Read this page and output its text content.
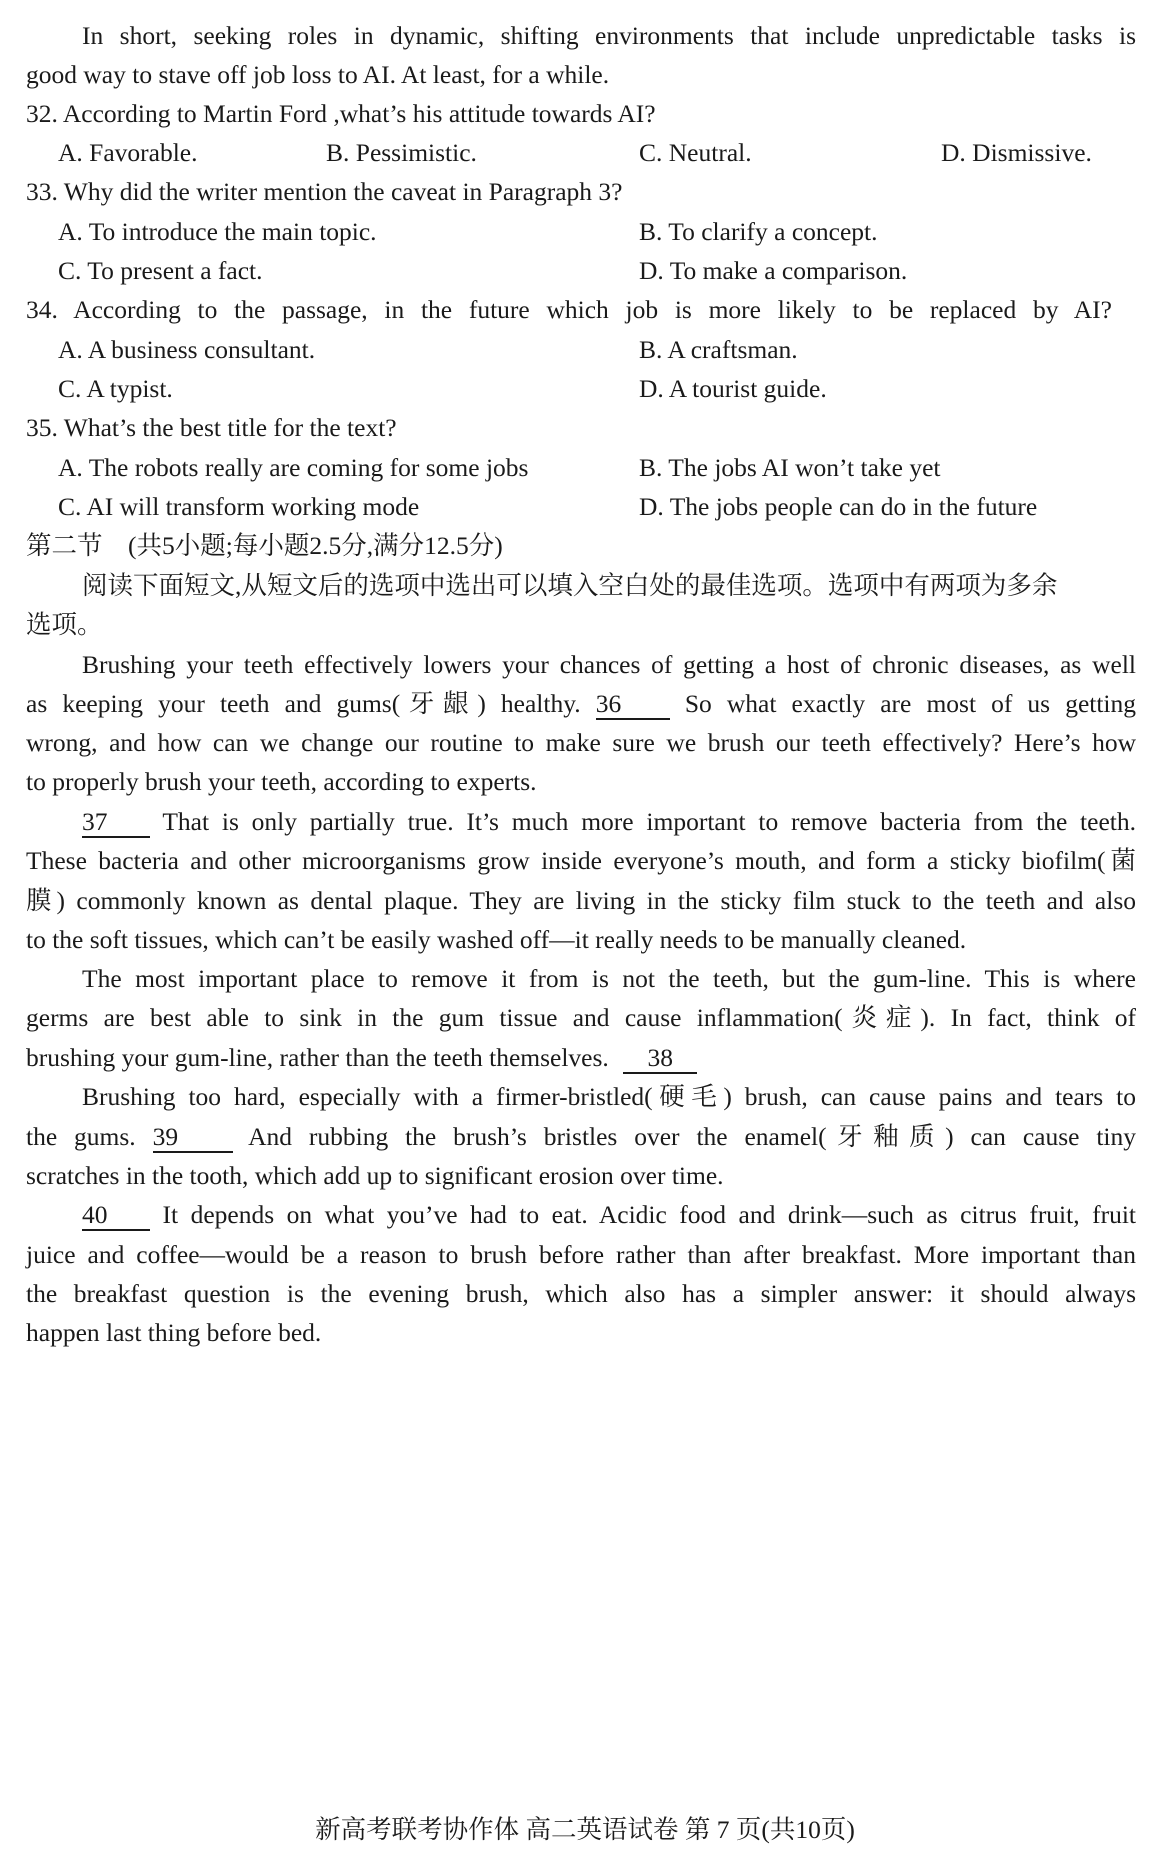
In short, seeking roles in dynamic, shifting environments that include unpredictable tasks is
good way to stave off job loss to AI. At least, for a while.
32. According to Martin Ford ,what’s his attitude towards AI?
A. Favorable.	B. Pessimistic.	C. Neutral.	D. Dismissive.
33. Why did the writer mention the caveat in Paragraph 3?
A. To introduce the main topic.	B. To clarify a concept.
C. To present a fact.	D. To make a comparison.
34. According to the passage, in the future which job is more likely to be replaced by AI?
A. A business consultant.	B. A craftsman.
C. A typist.	D. A tourist guide.
35. What’s the best title for the text?
A. The robots really are coming for some jobs	B. The jobs AI won’t take yet
C. AI will transform working mode	D. The jobs people can do in the future
第二节　(共5小题;每小题2.5分,满分12.5分)
阅读下面短文,从短文后的选项中选出可以填入空白处的最佳选项。选项中有两项为多余
选项。
Brushing your teeth effectively lowers your chances of getting a host of chronic diseases, as well
as keeping your teeth and gums(牙龈) healthy. 36 So what exactly are most of us getting
wrong, and how can we change our routine to make sure we brush our teeth effectively? Here’s how
to properly brush your teeth, according to experts.
37 That is only partially true. It’s much more important to remove bacteria from the teeth.
These bacteria and other microorganisms grow inside everyone’s mouth, and form a sticky biofilm(菌
膜) commonly known as dental plaque. They are living in the sticky film stuck to the teeth and also
to the soft tissues, which can’t be easily washed off—it really needs to be manually cleaned.
The most important place to remove it from is not the teeth, but the gum-line. This is where
germs are best able to sink in the gum tissue and cause inflammation(炎症). In fact, think of
brushing your gum-line, rather than the teeth themselves. 38
Brushing too hard, especially with a firmer-bristled(硬毛) brush, can cause pains and tears to
the gums. 39	And rubbing the brush’s bristles over the enamel(牙釉质) can cause tiny
scratches in the tooth, which add up to significant erosion over time.
40 It depends on what you’ve had to eat. Acidic food and drink—such as citrus fruit, fruit
juice and coffee—would be a reason to brush before rather than after breakfast. More important than
the breakfast question is the evening brush, which also has a simpler answer: it should always
happen last thing before bed.
新高考联考协作体 高二英语试卷 第 7 页(共10页)
